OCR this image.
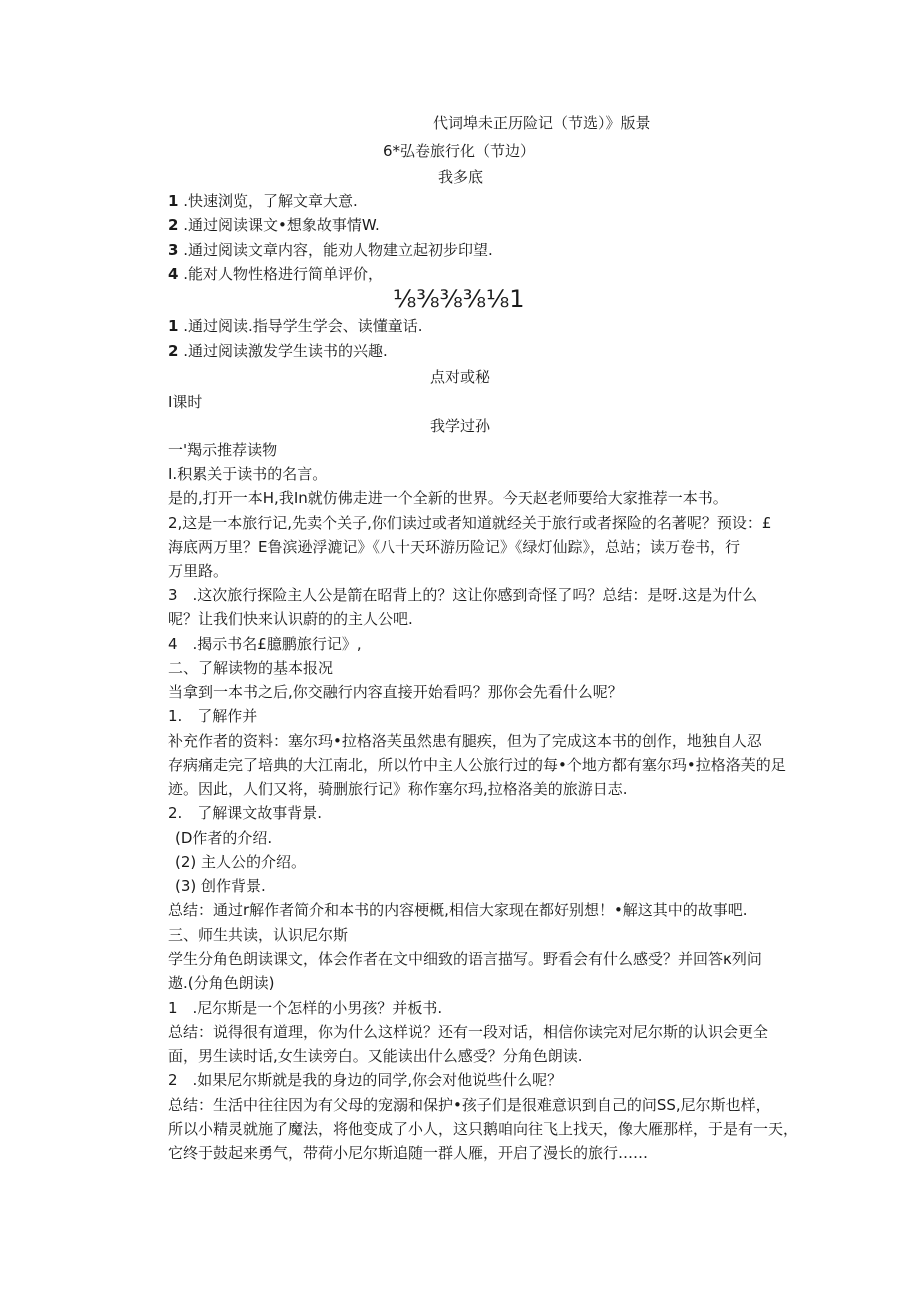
代词埠未正历险记（节选）》版景
6*弘卷旅行化（节边）
我多底
1 .快速浏览，了解文章大意.
2 .通过阅读课文•想象故事情W.
3 .通过阅读文章内容，能劝人物建立起初步印望.
4 .能对人物性格进行简单评价，
⅛⅜⅜⅜⅛1
1 .通过阅读.指导学生学会、读懂童话.
2 .通过阅读激发学生读书的兴趣.
点对或秘
I课时
我学过孙
一'羯示推荐读物
I.积累关于读书的名言。
是的,打开一本H,我In就仿佛走进一个全新的世界。今天赵老师要给大家推荐一本书。
2,这是一本旅行记,先卖个关子,你们读过或者知道就经关于旅行或者探险的名著呢？预设：£
海底两万里？E鲁滨逊浮漉记》《八十天环游历险记》《绿灯仙踪》，总站；读万卷书，行
万里路。
3　.这次旅行探险主人公是箭在昭背上的？这让你感到奇怪了吗？总结：是呀.这是为什么
呢？让我们快来认识蔚的的主人公吧.
4　.揭示书名£臆鹏旅行记》,
二、了解读物的基本报况
当拿到一本书之后,你交融行内容直接开始看吗？那你会先看什么呢？
1.　了解作并
补充作者的资料：塞尔玛•拉格洛芙虽然患有腿疾，但为了完成这本书的创作，地独自人忍
存病痛走完了培典的大江南北，所以竹中主人公旅行过的每•个地方都有塞尔玛•拉格洛芙的足
迹。因此，人们又将，骑删旅行记》称作塞尔玛,拉格洛美的旅游日志.
2.　了解课文故事背景.
(D作者的介绍.
(2) 主人公的介绍。
(3) 创作背景.
总结：通过r解作者简介和本书的内容梗概,相信大家现在都好别想！•解这其中的故事吧.
三、师生共读，认识尼尔斯
学生分角色朗读课文，体会作者在文中细致的语言描写。野看会有什么感受？并回答κ列问
遨.(分角色朗读)
1　.尼尔斯是一个怎样的小男孩？并板书.
总结：说得很有道理，你为什么这样说？还有一段对话，相信你读完对尼尔斯的认识会更全
面，男生读时话,女生读旁白。又能读出什么感受？分角色朗读.
2　.如果尼尔斯就是我的身边的同学,你会对他说些什么呢？
总结：生活中往往因为有父母的宠溺和保护•孩子们是很难意识到自己的问SS,尼尔斯也样，
所以小精灵就施了魔法，将他变成了小人，这只鹅咱向往飞上找天，像大雁那样，于是有一天，
它终于鼓起来勇气，带荷小尼尔斯追随一群人雁，开启了漫长的旅行……
